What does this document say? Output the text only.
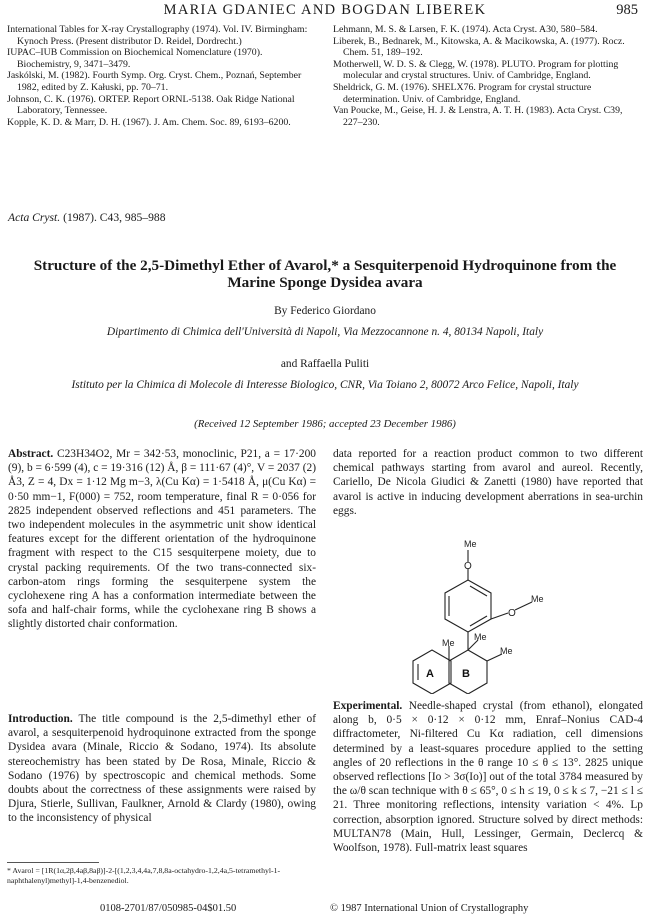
MARIA GDANIEC AND BOGDAN LIBEREK	985

International Tables for X-ray Crystallography (1974). Vol. IV. Birmingham: Kynoch Press. (Present distributor D. Reidel, Dordrecht.)

IUPAC–IUB Commission on Biochemical Nomenclature (1970). Biochemistry, 9, 3471–3479.

Jaskólski, M. (1982). Fourth Symp. Org. Cryst. Chem., Poznań, September 1982, edited by Z. Kałuski, pp. 70–71.

Johnson, C. K. (1976). ORTEP. Report ORNL-5138. Oak Ridge National Laboratory, Tennessee.

Kopple, K. D. & Marr, D. H. (1967). J. Am. Chem. Soc. 89, 6193–6200.

Lehmann, M. S. & Larsen, F. K. (1974). Acta Cryst. A30, 580–584.

Liberek, B., Bednarek, M., Kitowska, A. & Macikowska, A. (1977). Rocz. Chem. 51, 189–192.

Motherwell, W. D. S. & Clegg, W. (1978). PLUTO. Program for plotting molecular and crystal structures. Univ. of Cambridge, England.

Sheldrick, G. M. (1976). SHELX76. Program for crystal structure determination. Univ. of Cambridge, England.

Van Poucke, M., Geise, H. J. & Lenstra, A. T. H. (1983). Acta Cryst. C39, 227–230.

Acta Cryst. (1987). C43, 985–988
Structure of the 2,5-Dimethyl Ether of Avarol,* a Sesquiterpenoid Hydroquinone from the
Marine Sponge Dysidea avara
By Federico Giordano
Dipartimento di Chimica dell'Università di Napoli, Via Mezzocannone n. 4, 80134 Napoli, Italy
and Raffaella Puliti
Istituto per la Chimica di Molecole di Interesse Biologico, CNR, Via Toiano 2, 80072 Arco Felice, Napoli, Italy
(Received 12 September 1986; accepted 23 December 1986)

Abstract. C23H34O2, Mr = 342·53, monoclinic, P21, a = 17·200 (9), b = 6·599 (4), c = 19·316 (12) Å, β = 111·67 (4)°, V = 2037 (2) Å3, Z = 4, Dx = 1·12 Mg m−3, λ(Cu Kα) = 1·5418 Å, μ(Cu Kα) = 0·50 mm−1, F(000) = 752, room temperature, final R = 0·056 for 2825 independent observed reflections and 451 parameters. The two independent molecules in the asymmetric unit show identical features except for the different orientation of the hydroquinone fragment with respect to the C15 sesquiterpene moiety, due to crystal packing requirements. Of the two trans-connected six-carbon-atom rings forming the sesquiterpene system the cyclohexene ring A has a conformation intermediate between the sofa and half-chair forms, while the cyclohexane ring B shows a slightly distorted chair conformation.

Introduction. The title compound is the 2,5-dimethyl ether of avarol, a sesquiterpenoid hydroquinone extracted from the sponge Dysidea avara (Minale, Riccio & Sodano, 1974). Its absolute stereochemistry has been stated by De Rosa, Minale, Riccio & Sodano (1976) by spectroscopic and chemical methods. Some doubts about the correctness of these assignments were raised by Djura, Stierle, Sullivan, Faulkner, Arnold & Clardy (1980), owing to the inconsistency of physical

* Avarol = [1R(1α,2β,4aβ,8aβ)]-2-[(1,2,3,4,4a,7,8,8a-octahydro-1,2,4a,5-tetramethyl-1-naphthalenyl)methyl]-1,4-benzenediol.
data reported for a reaction product common to two different chemical pathways starting from avarol and aureol. Recently, Cariello, De Nicola Giudici & Zanetti (1980) have reported that avarol is active in inducing development aberrations in sea-urchin eggs.
Me
O
O
Me
Me
Me
Me
A	B

Experimental. Needle-shaped crystal (from ethanol), elongated along b, 0·5 × 0·12 × 0·12 mm, Enraf–Nonius CAD-4 diffractometer, Ni-filtered Cu Kα radiation, cell dimensions determined by a least-squares procedure applied to the setting angles of 20 reflections in the θ range 10 ≤ θ ≤ 13°. 2825 unique observed reflections [Io > 3σ(Io)] out of the total 3784 measured by the ω/θ scan technique with θ ≤ 65°, 0 ≤ h ≤ 19, 0 ≤ k ≤ 7, −21 ≤ l ≤ 21. Three monitoring reflections, intensity variation < 4%. Lp correction, absorption ignored. Structure solved by direct methods: MULTAN78 (Main, Hull, Lessinger, Germain, Declercq & Woolfson, 1978). Full-matrix least squares

0108-2701/87/050985-04$01.50	© 1987 International Union of Crystallography
